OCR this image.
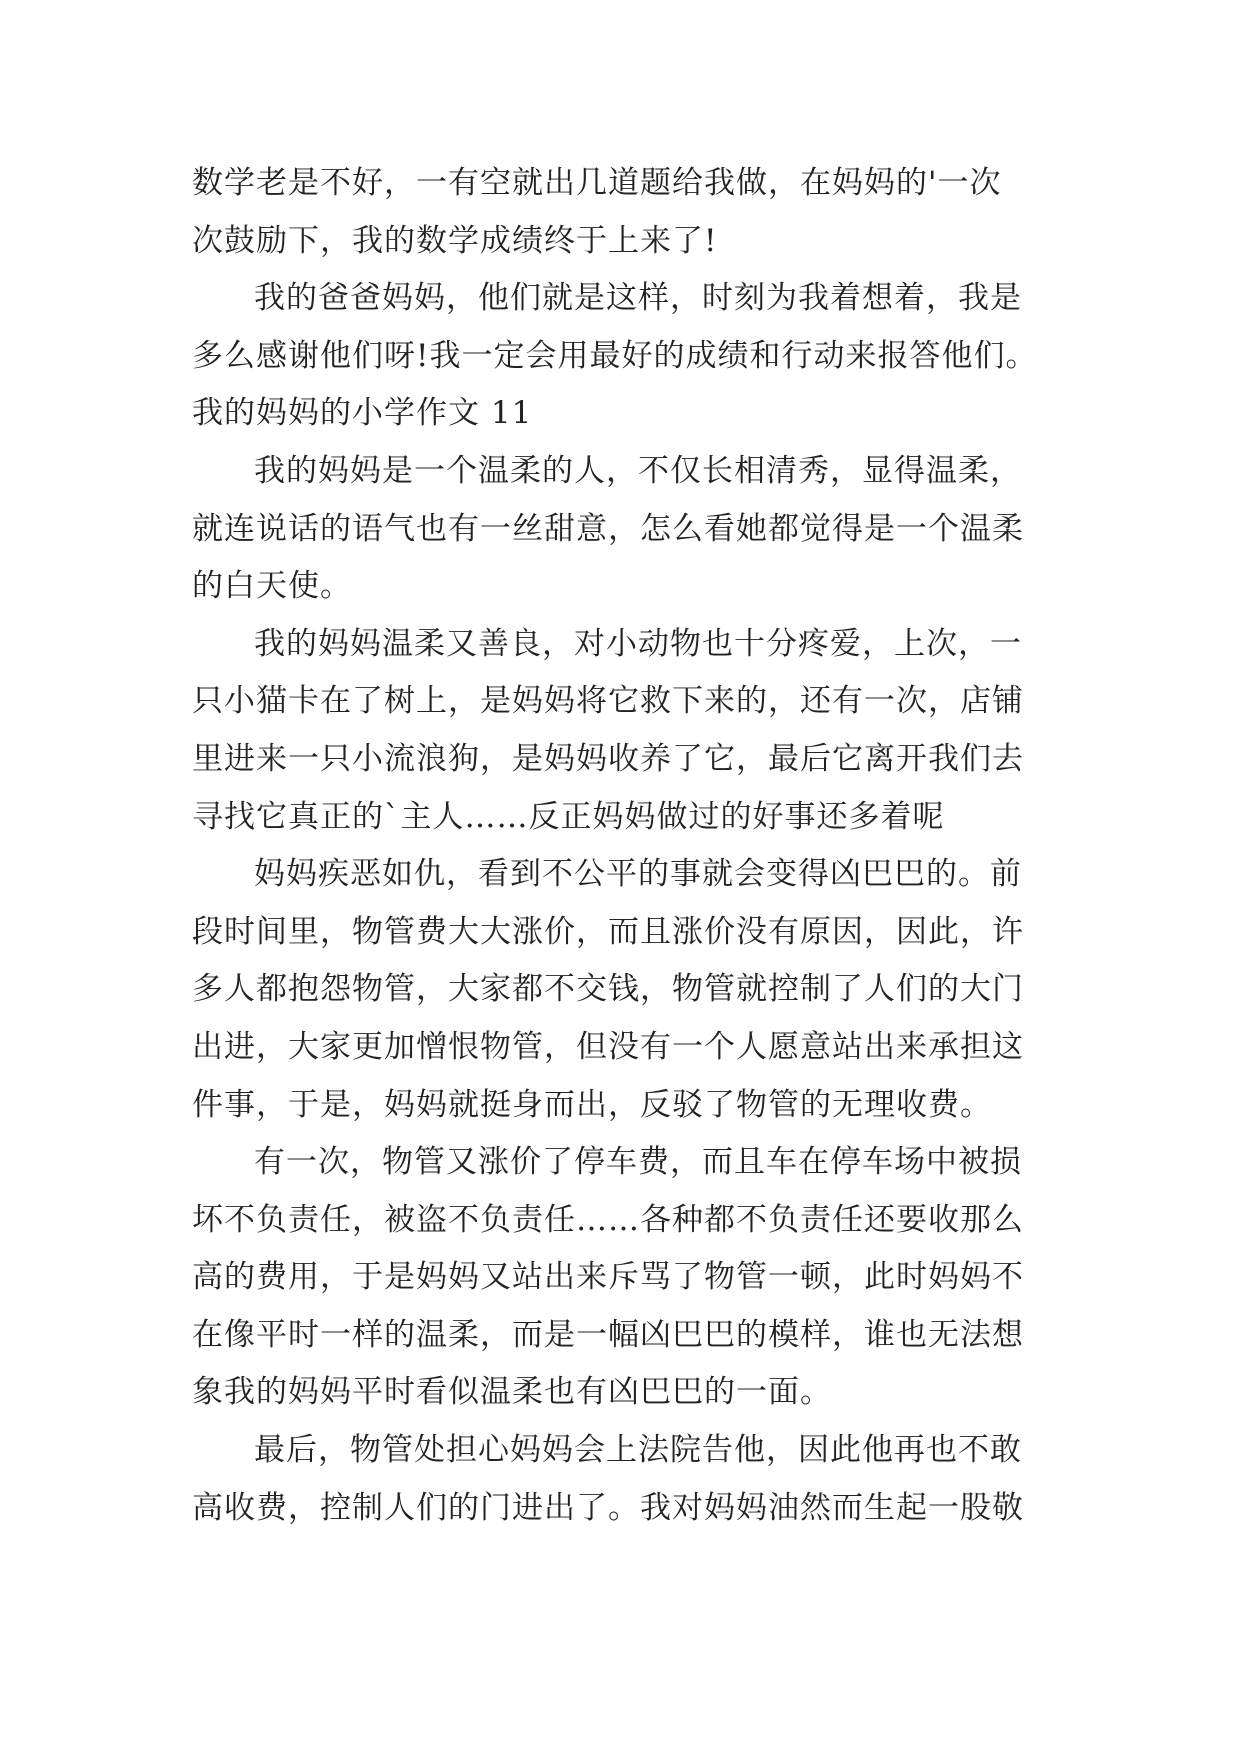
数学老是不好，一有空就出几道题给我做，在妈妈的'一次
次鼓励下，我的数学成绩终于上来了!
我的爸爸妈妈，他们就是这样，时刻为我着想着，我是
多么感谢他们呀!我一定会用最好的成绩和行动来报答他们。
我的妈妈的小学作文 11
我的妈妈是一个温柔的人，不仅长相清秀，显得温柔，
就连说话的语气也有一丝甜意，怎么看她都觉得是一个温柔
的白天使。
我的妈妈温柔又善良，对小动物也十分疼爱，上次，一
只小猫卡在了树上，是妈妈将它救下来的，还有一次，店铺
里进来一只小流浪狗，是妈妈收养了它，最后它离开我们去
寻找它真正的`主人……反正妈妈做过的好事还多着呢
妈妈疾恶如仇，看到不公平的事就会变得凶巴巴的。前
段时间里，物管费大大涨价，而且涨价没有原因，因此，许
多人都抱怨物管，大家都不交钱，物管就控制了人们的大门
出进，大家更加憎恨物管，但没有一个人愿意站出来承担这
件事，于是，妈妈就挺身而出，反驳了物管的无理收费。
有一次，物管又涨价了停车费，而且车在停车场中被损
坏不负责任，被盗不负责任……各种都不负责任还要收那么
高的费用，于是妈妈又站出来斥骂了物管一顿，此时妈妈不
在像平时一样的温柔，而是一幅凶巴巴的模样，谁也无法想
象我的妈妈平时看似温柔也有凶巴巴的一面。
最后，物管处担心妈妈会上法院告他，因此他再也不敢
高收费，控制人们的门进出了。我对妈妈油然而生起一股敬
